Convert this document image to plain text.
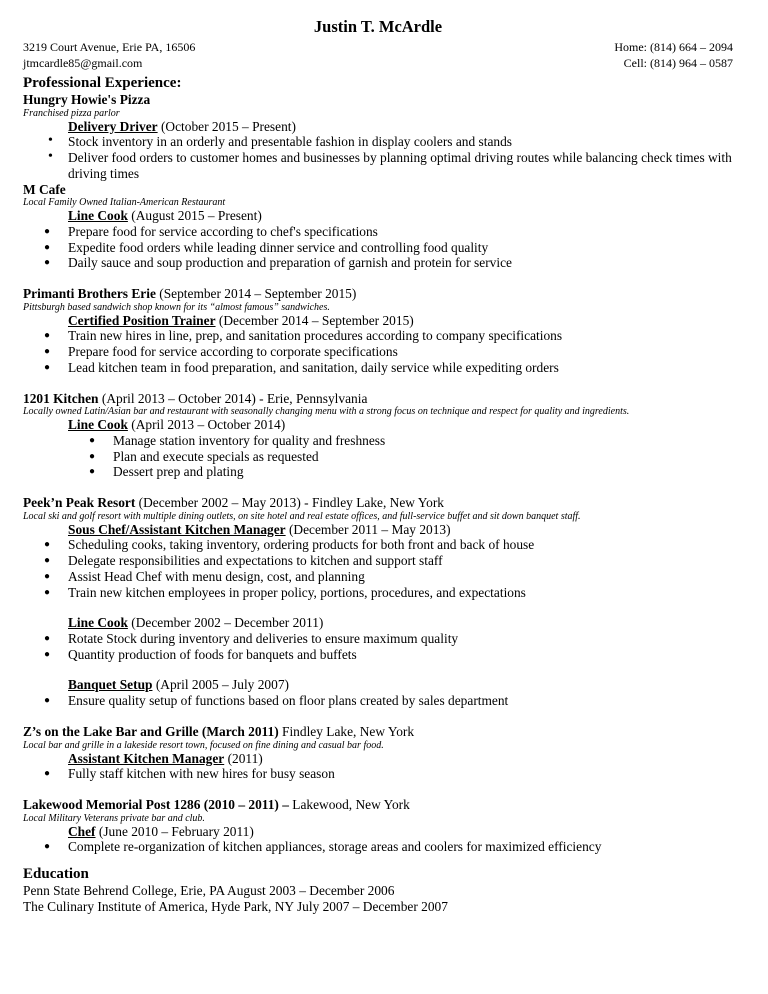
Justin T. McArdle
3219 Court Avenue, Erie PA, 16506	Home: (814) 664 – 2094
jtmcardle85@gmail.com	Cell: (814) 964 – 0587
Professional Experience:
Hungry Howie's Pizza
Franchised pizza parlor
Delivery Driver (October 2015 – Present)
• Stock inventory in an orderly and presentable fashion in display coolers and stands
• Deliver food orders to customer homes and businesses by planning optimal driving routes while balancing check times with driving times
M Cafe
Local Family Owned Italian-American Restaurant
Line Cook (August 2015 – Present)
● Prepare food for service according to chef's specifications
● Expedite food orders while leading dinner service and controlling food quality
● Daily sauce and soup production and preparation of garnish and protein for service
Primanti Brothers Erie (September 2014 – September 2015)
Pittsburgh based sandwich shop known for its “almost famous” sandwiches.
Certified Position Trainer (December 2014 – September 2015)
● Train new hires in line, prep, and sanitation procedures according to company specifications
● Prepare food for service according to corporate specifications
● Lead kitchen team in food preparation, and sanitation, daily service while expediting orders
1201 Kitchen (April 2013 – October 2014) - Erie, Pennsylvania
Locally owned Latin/Asian bar and restaurant with seasonally changing menu with a strong focus on technique and respect for quality and ingredients.
Line Cook (April 2013 – October 2014)
● Manage station inventory for quality and freshness
● Plan and execute specials as requested
● Dessert prep and plating
Peek’n Peak Resort (December 2002 – May 2013) - Findley Lake, New York
Local ski and golf resort with multiple dining outlets, on site hotel and real estate offices, and full-service buffet and sit down banquet staff.
Sous Chef/Assistant Kitchen Manager (December 2011 – May 2013)
● Scheduling cooks, taking inventory, ordering products for both front and back of house
● Delegate responsibilities and expectations to kitchen and support staff
● Assist Head Chef with menu design, cost, and planning
● Train new kitchen employees in proper policy, portions, procedures, and expectations
Line Cook (December 2002 – December 2011)
● Rotate Stock during inventory and deliveries to ensure maximum quality
● Quantity production of foods for banquets and buffets
Banquet Setup (April 2005 – July 2007)
● Ensure quality setup of functions based on floor plans created by sales department
Z’s on the Lake Bar and Grille (March 2011) Findley Lake, New York
Local bar and grille in a lakeside resort town, focused on fine dining and casual bar food.
Assistant Kitchen Manager (2011)
● Fully staff kitchen with new hires for busy season
Lakewood Memorial Post 1286 (2010 – 2011) – Lakewood, New York
Local Military Veterans private bar and club.
Chef (June 2010 – February 2011)
● Complete re-organization of kitchen appliances, storage areas and coolers for maximized efficiency
Education
Penn State Behrend College, Erie, PA August 2003 – December 2006
The Culinary Institute of America, Hyde Park, NY July 2007 – December 2007
